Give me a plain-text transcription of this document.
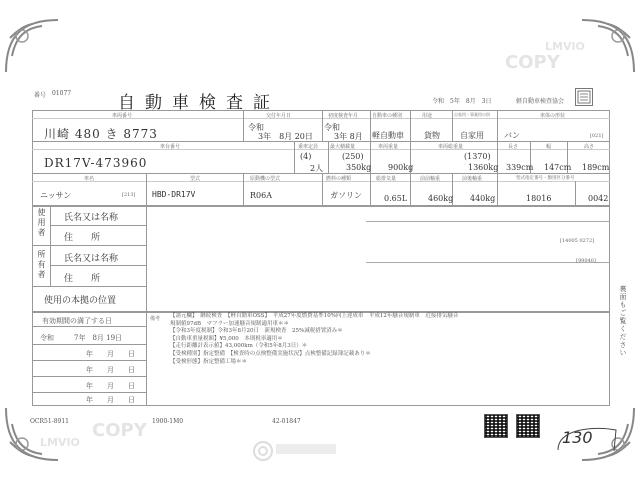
LMVIO
COPY
LMVIO
COPY
番号 01077	自動車検査証	令和　5年　8月　3日	軽自動車検査協会
車両番号
川崎 480 き 8773
交付年月日
令和
3年　8月 20日
初度検査年月
令和
3年 8月
自動車の種別
軽自動車
用途
貨物
自家用・事業用の別
自家用
車体の形状
バン	[021]
車台番号
DR17V-473960
乗車定員
(4)
2人
最大積載量
(250)
350kg
車両重量
900kg
車両総重量
(1370)
1360kg
長さ
339cm
幅
147cm
高さ
189cm
車名
ニッサン	[213]
型式
HBD-DR17V
原動機の型式
R06A
燃料の種類
ガソリン
総排気量
0.65L
前前軸重
460kg
前後軸重
440kg
型式指定番号・類別区分番号
18016	0042
使用者 氏名又は名称
住　　所	[14005 0272]
所有者 氏名又は名称
住　　所
[99040]
使用の本拠の位置
有効期間の満了する日
令和	7年　8月 19日
年　　月　　日
年　　月　　日
年　　月　　日
年　　月　　日
備考 【諸元欄】　継続検査　【軽自動車OSS】　平成27年度燃費基準10%向上達成車　平成12年騒音規制車　近接排気騒音
規制値97dB　マフラー加速騒音規制適用車＊＊
【令和3年度税制】令和3年8月20日　新規検査　25%減税措置済み＊
【自動車重量税額】¥5,000　本則税率適用＊
【走行距離計表示値】43,000km（令和5年8月3日）＊
【受検種別】指定整備　【検査時の点検整備実施状況】点検整備記録簿記載あり＊
【受検形態】指定整備工場＊＊
裏面もご覧ください
OCR51-8911	1900-1M0	42-01847
130
